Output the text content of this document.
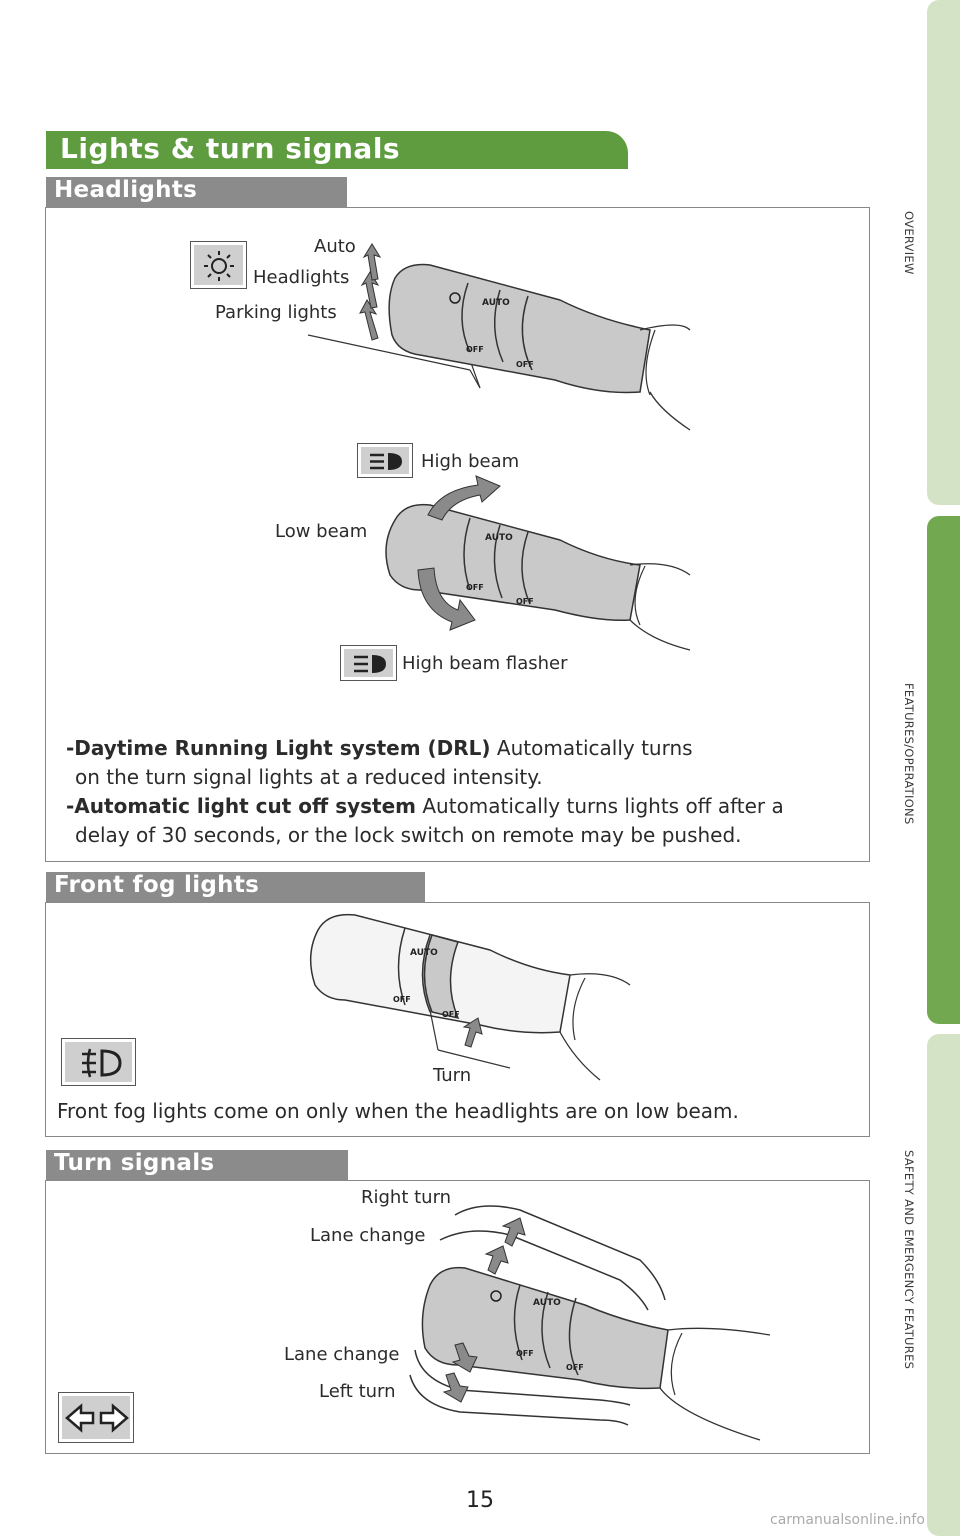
OVERVIEW
FEATURES/OPERATIONS
SAFETY AND EMERGENCY FEATURES
Lights & turn signals
Headlights
Auto
Headlights
Parking lights	AUTO
OFF
OFF
High beam
Low beam	AUTO
OFF
OFF
High beam flasher
-Daytime Running Light system (DRL) Automatically turns
on the turn signal lights at a reduced intensity.
-Automatic light cut off system Automatically turns lights off after a
delay of 30 seconds, or the lock switch on remote may be pushed.
Front fog lights
AUTO
OFF
OFF
Turn
Front fog lights come on only when the headlights are on low beam.
Turn signals
Right turn
Lane change
Lane change
Left turn
AUTO
OFF
OFF
15
carmanualsonline.info
